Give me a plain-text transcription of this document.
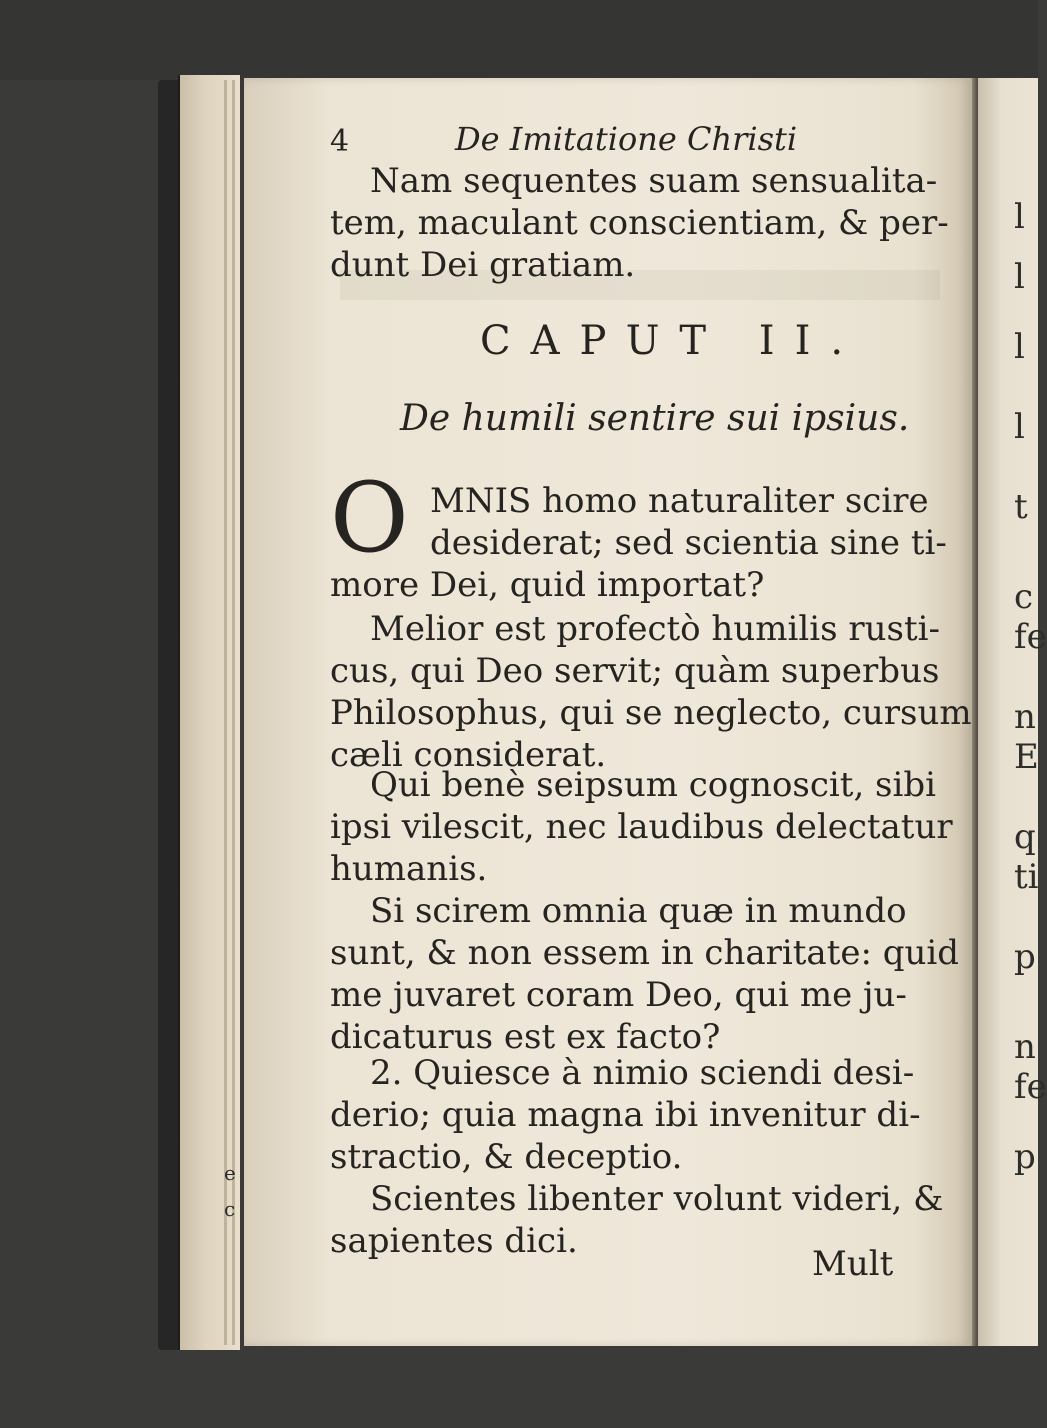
e
c
l
l
l
l
t
c
fe
n
E
q
ti
p
n
fe
p
4	De Imitatione Christi
CAPUT II.
De humili sentire sui ipsius.
O
Nam sequentes suam sensualita-
tem, maculant conscientiam, & per-
dunt Dei gratiam.
MNIS homo naturaliter scire
desiderat; sed scientia sine ti-
more Dei, quid importat?
Melior est profectò humilis rusti-
cus, qui Deo servit; quàm superbus
Philosophus, qui se neglecto, cursum
cæli considerat.
Qui benè seipsum cognoscit, sibi
ipsi vilescit, nec laudibus delectatur
humanis.
Si scirem omnia quæ in mundo
sunt, & non essem in charitate: quid
me juvaret coram Deo, qui me ju-
dicaturus est ex facto?
2. Quiesce à nimio sciendi desi-
derio; quia magna ibi invenitur di-
stractio, & deceptio.
Scientes libenter volunt videri, &
sapientes dici.
Mult
